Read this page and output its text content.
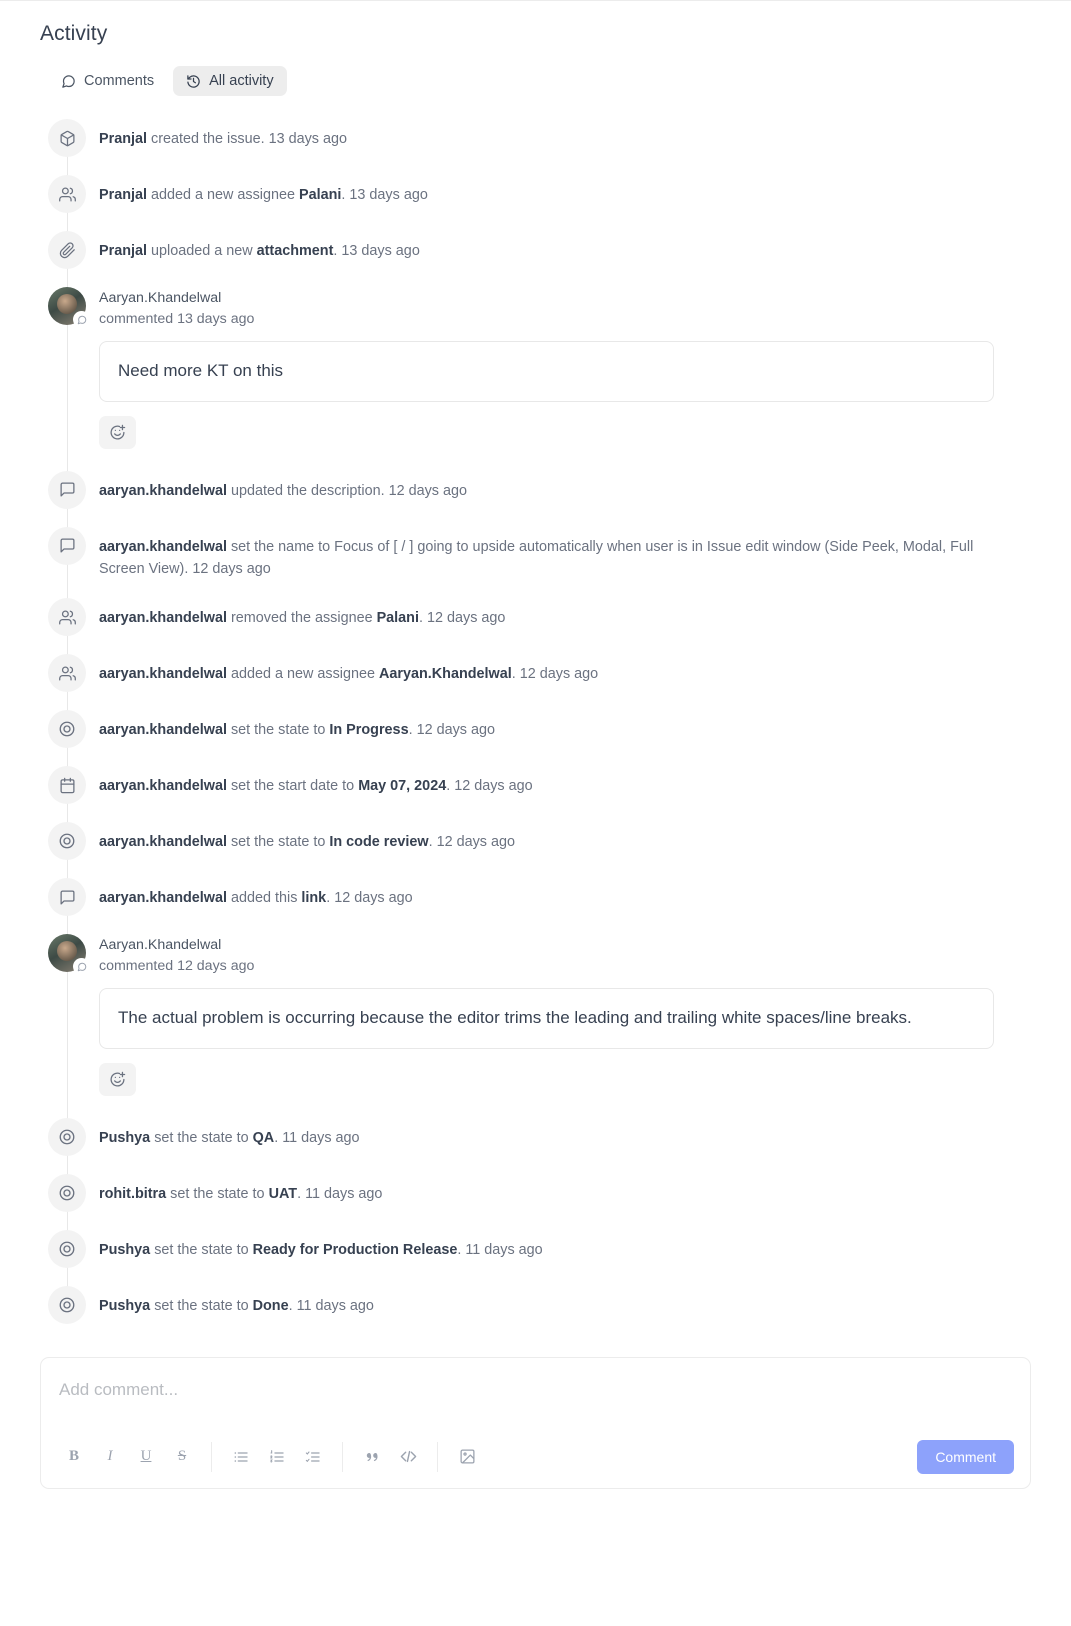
Activity
Comments	All activity
Pranjal created the issue. 13 days ago
Pranjal added a new assignee Palani. 13 days ago
Pranjal uploaded a new attachment. 13 days ago
Aaryan.Khandelwal
commented 13 days ago
Need more KT on this
aaryan.khandelwal updated the description. 12 days ago
aaryan.khandelwal set the name to Focus of [ / ] going to upside automatically when user is in Issue edit window (Side Peek, Modal, Full Screen View). 12 days ago
aaryan.khandelwal removed the assignee Palani. 12 days ago
aaryan.khandelwal added a new assignee Aaryan.Khandelwal. 12 days ago
aaryan.khandelwal set the state to In Progress. 12 days ago
aaryan.khandelwal set the start date to May 07, 2024. 12 days ago
aaryan.khandelwal set the state to In code review. 12 days ago
aaryan.khandelwal added this link. 12 days ago
Aaryan.Khandelwal
commented 12 days ago
The actual problem is occurring because the editor trims the leading and trailing white spaces/line breaks.
Pushya set the state to QA. 11 days ago
rohit.bitra set the state to UAT. 11 days ago
Pushya set the state to Ready for Production Release. 11 days ago
Pushya set the state to Done. 11 days ago
Add comment...
B I U S	Comment
